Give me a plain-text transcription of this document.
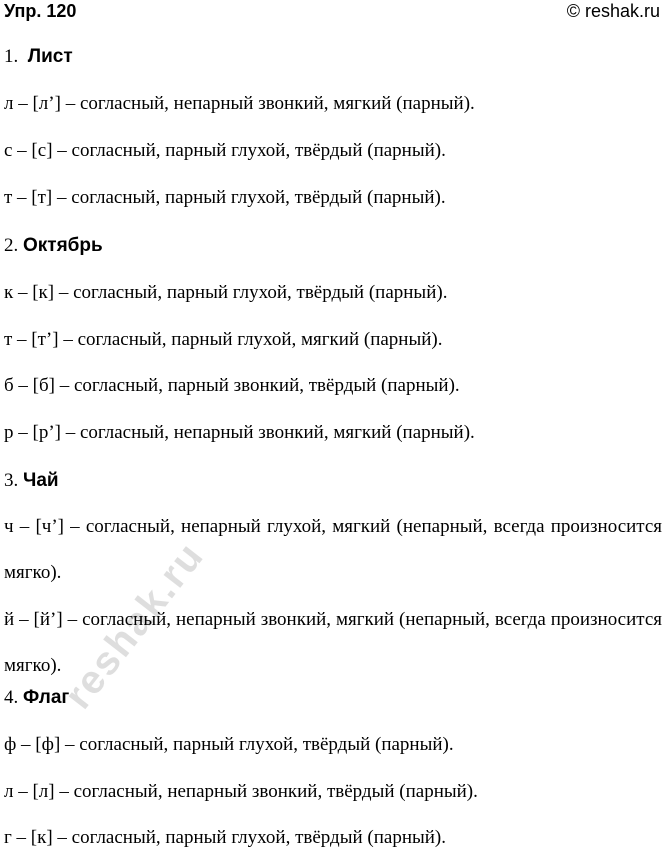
Упр. 120	© reshak.ru
1. Лист
л – [л’] – согласный, непарный звонкий, мягкий (парный).
с – [с] – согласный, парный глухой, твёрдый (парный).
т – [т] – согласный, парный глухой, твёрдый (парный).
2. Октябрь
к – [к] – согласный, парный глухой, твёрдый (парный).
т – [т’] – согласный, парный глухой, мягкий (парный).
б – [б] – согласный, парный звонкий, твёрдый (парный).
р – [р’] – согласный, непарный звонкий, мягкий (парный).
3. Чай
ч – [ч’] – согласный, непарный глухой, мягкий (непарный, всегда произносится мягко).
й – [й’] – согласный, непарный звонкий, мягкий (непарный, всегда произносится мягко).
4. Флаг
ф – [ф] – согласный, парный глухой, твёрдый (парный).
л – [л] – согласный, непарный звонкий, твёрдый (парный).
г – [к] – согласный, парный глухой, твёрдый (парный).
reshak.ru
